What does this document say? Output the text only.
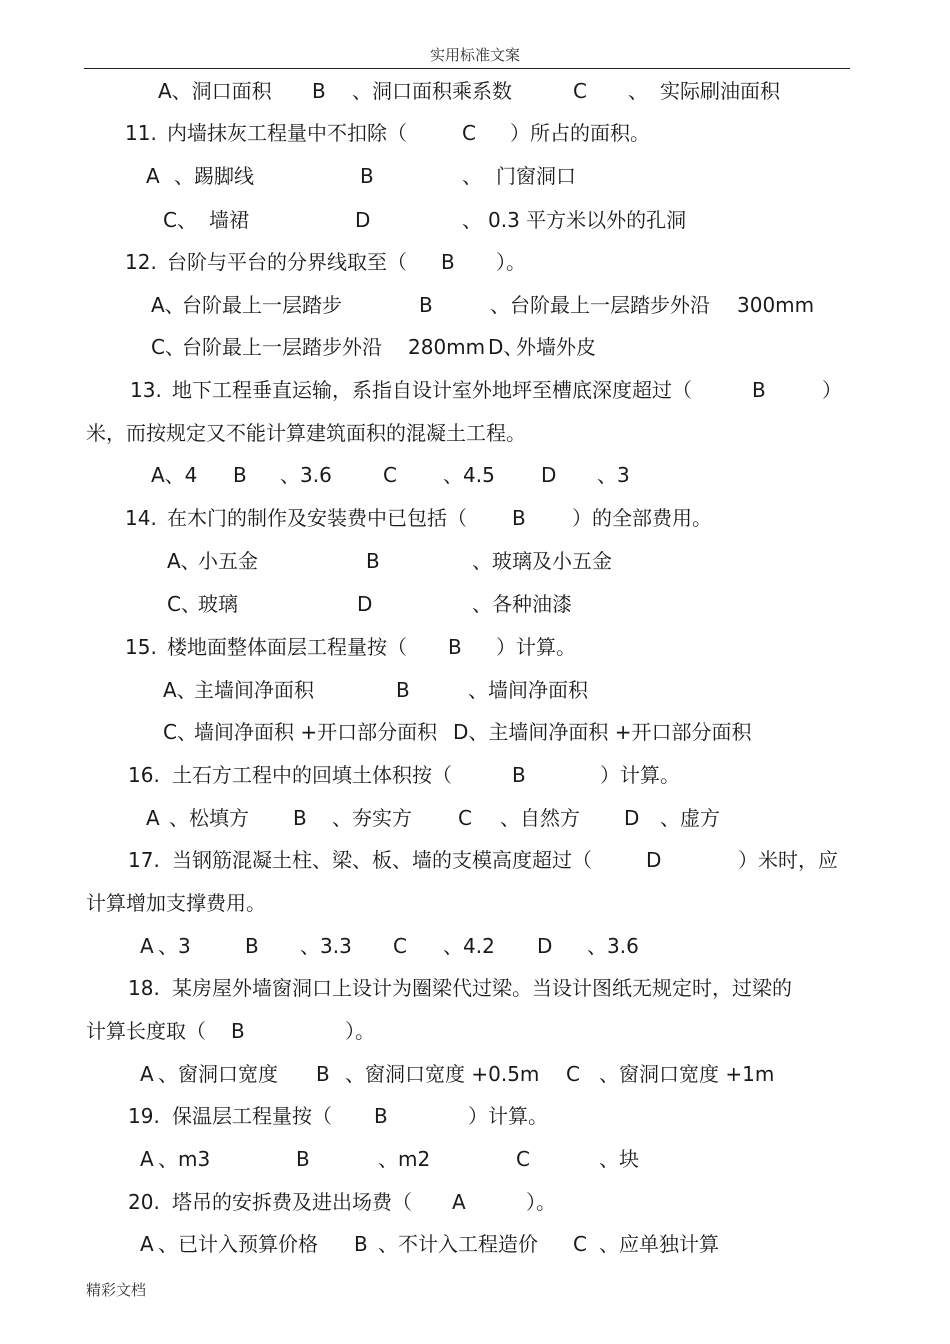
实用标准文案
A、洞口面积 B 、洞口面积乘系数	C 、 实际刷油面积
11. 内墙抹灰工程量中不扣除（	C ）所占的面积。
A 、踢脚线	B	、 门窗洞口
C、 墙裙	D	、 0.3 平方米以外的孔洞
12. 台阶与平台的分界线取至（ B ）。
A、
台阶最上一层踏步	B	、台阶最上一层踏步外沿 300mm
C、
台阶最上一层踏步外沿 280mm D、
外墙外皮
13. 地下工程垂直运输，系指自设计室外地坪至槽底深度超过（	B	）
米，而按规定又不能计算建筑面积的混凝土工程。
A、4 B 、3.6	C 、4.5 D 、3
14. 在木门的制作及安装费中已包括（ B ）的全部费用。
A、
小五金	B	、玻璃及小五金
C、
玻璃	D	、各种油漆
15. 楼地面整体面层工程量按（ B ）计算。
A、
主墙间净面积	B	、墙间净面积
C、
墙间净面积 +开口部分面积 D、主墙间净面积 +开口部分面积
16. 土石方工程中的回填土体积按（	B	）计算。
A 、松填方 B 、夯实方 C 、自然方 D 、虚方
17. 当钢筋混凝土柱、梁、板、墙的支模高度超过（	D	）米时，应
计算增加支撑费用。
A 、3	B 、3.3 C 、4.2 D 、3.6
18. 某房屋外墙窗洞口上设计为圈梁代过梁。当设计图纸无规定时，过梁的
计算长度取（ B	）。
A 、窗洞口宽度 B 、窗洞口宽度 +0.5m C 、窗洞口宽度 +1m
19. 保温层工程量按（ B	）计算。
A 、m3	B	、m2	C	、块
20. 塔吊的安拆费及进出场费（ A	）。
A 、已计入预算价格 B 、不计入工程造价 C 、应单独计算
精彩文档
